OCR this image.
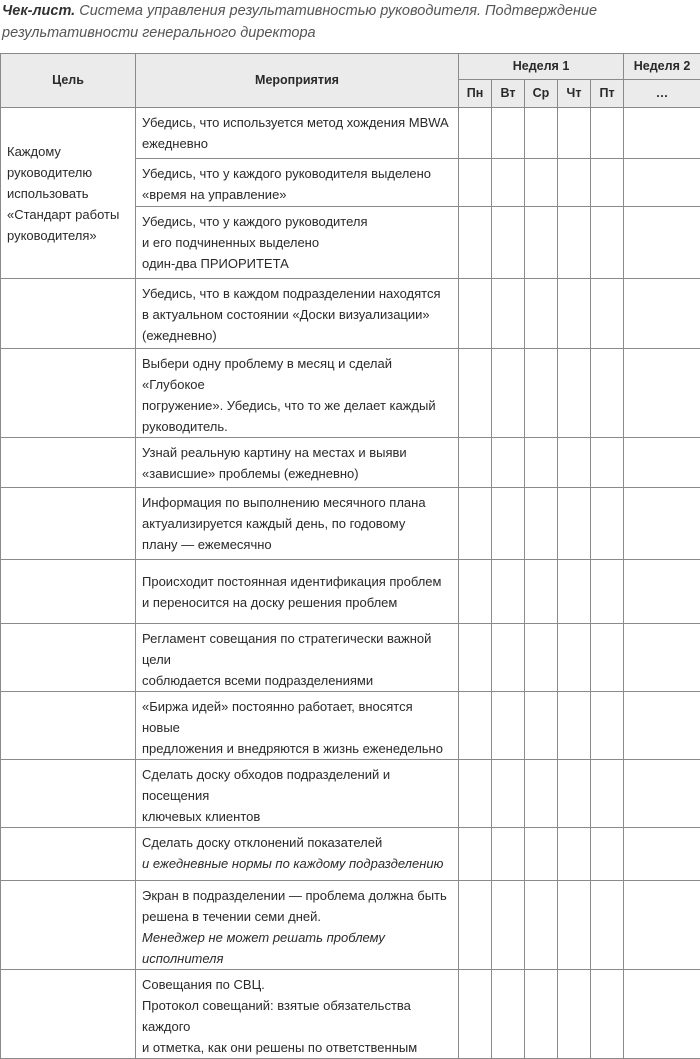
Чек-лист. Система управления результативностью руководителя. Подтверждение результативности генерального директора
Цель	Мероприятия	Неделя 1					Неделя 2
		Пн	Вт	Ср	Чт	Пт	…
Каждому руководителю использовать «Стандарт работы руководителя»	Убедись, что используется метод хождения MBWA
ежедневно						

	Убедись, что у каждого руководителя выделено
«время на управление»						

	Убедись, что у каждого руководителя
и его подчиненных выделено
один-два ПРИОРИТЕТА						

	Убедись, что в каждом подразделении находятся
в актуальном состоянии «Доски визуализации»
(ежедневно)						

	Выбери одну проблему в месяц и сделай «Глубокое
погружение». Убедись, что то же делает каждый
руководитель.						

	Узнай реальную картину на местах и выяви
«зависшие» проблемы (ежедневно)						

	Информация по выполнению месячного плана
актуализируется каждый день, по годовому
плану — ежемесячно						

	Происходит постоянная идентификация проблем
и переносится на доску решения проблем						

	Регламент совещания по стратегически важной цели
соблюдается всеми подразделениями						

	«Биржа идей» постоянно работает, вносятся новые
предложения и внедряются в жизнь еженедельно						

	Сделать доску обходов подразделений и посещения
ключевых клиентов						

	Сделать доску отклонений показателей
и ежедневные нормы по каждому подразделению						

	Экран в подразделении — проблема должна быть
решена в течении семи дней.
Менеджер не может решать проблему исполнителя						

	Совещания по СВЦ.
Протокол совещаний: взятые обязательства каждого
и отметка, как они решены по ответственным						
